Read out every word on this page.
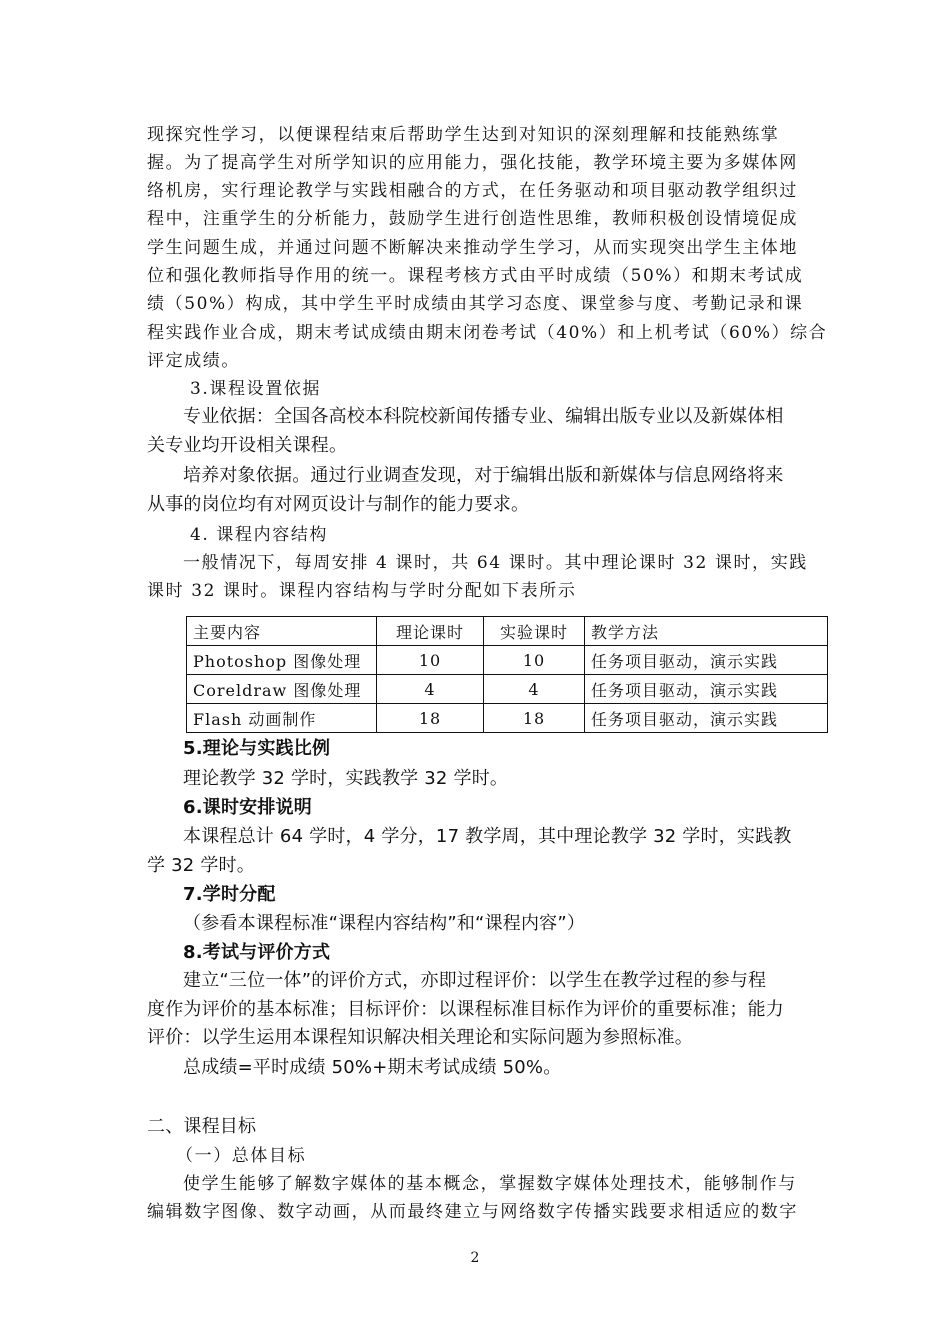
现探究性学习，以便课程结束后帮助学生达到对知识的深刻理解和技能熟练掌
握。为了提高学生对所学知识的应用能力，强化技能，教学环境主要为多媒体网
络机房，实行理论教学与实践相融合的方式，在任务驱动和项目驱动教学组织过
程中，注重学生的分析能力，鼓励学生进行创造性思维，教师积极创设情境促成
学生问题生成，并通过问题不断解决来推动学生学习，从而实现突出学生主体地
位和强化教师指导作用的统一。课程考核方式由平时成绩（50%）和期末考试成
绩（50%）构成，其中学生平时成绩由其学习态度、课堂参与度、考勤记录和课
程实践作业合成，期末考试成绩由期末闭卷考试（40%）和上机考试（60%）综合
评定成绩。
3.课程设置依据
专业依据：全国各高校本科院校新闻传播专业、编辑出版专业以及新媒体相
关专业均开设相关课程。
培养对象依据。通过行业调查发现，对于编辑出版和新媒体与信息网络将来
从事的岗位均有对网页设计与制作的能力要求。
4. 课程内容结构
一般情况下，每周安排 4 课时，共 64 课时。其中理论课时 32 课时，实践
课时 32 课时。课程内容结构与学时分配如下表所示
主要内容	理论课时	实验课时	教学方法
Photoshop 图像处理	10	10	任务项目驱动，演示实践
Coreldraw 图像处理	4	4	任务项目驱动，演示实践
Flash 动画制作	18	18	任务项目驱动，演示实践
5.理论与实践比例
理论教学 32 学时，实践教学 32 学时。
6.课时安排说明
本课程总计 64 学时，4 学分，17 教学周，其中理论教学 32 学时，实践教
学 32 学时。
7.学时分配
（参看本课程标准“课程内容结构”和“课程内容”）
8.考试与评价方式
建立“三位一体”的评价方式，亦即过程评价：以学生在教学过程的参与程
度作为评价的基本标准；目标评价：以课程标准目标作为评价的重要标准；能力
评价：以学生运用本课程知识解决相关理论和实际问题为参照标准。
总成绩=平时成绩 50%+期末考试成绩 50%。
二、课程目标
（一）总体目标
使学生能够了解数字媒体的基本概念，掌握数字媒体处理技术，能够制作与
编辑数字图像、数字动画，从而最终建立与网络数字传播实践要求相适应的数字
2
